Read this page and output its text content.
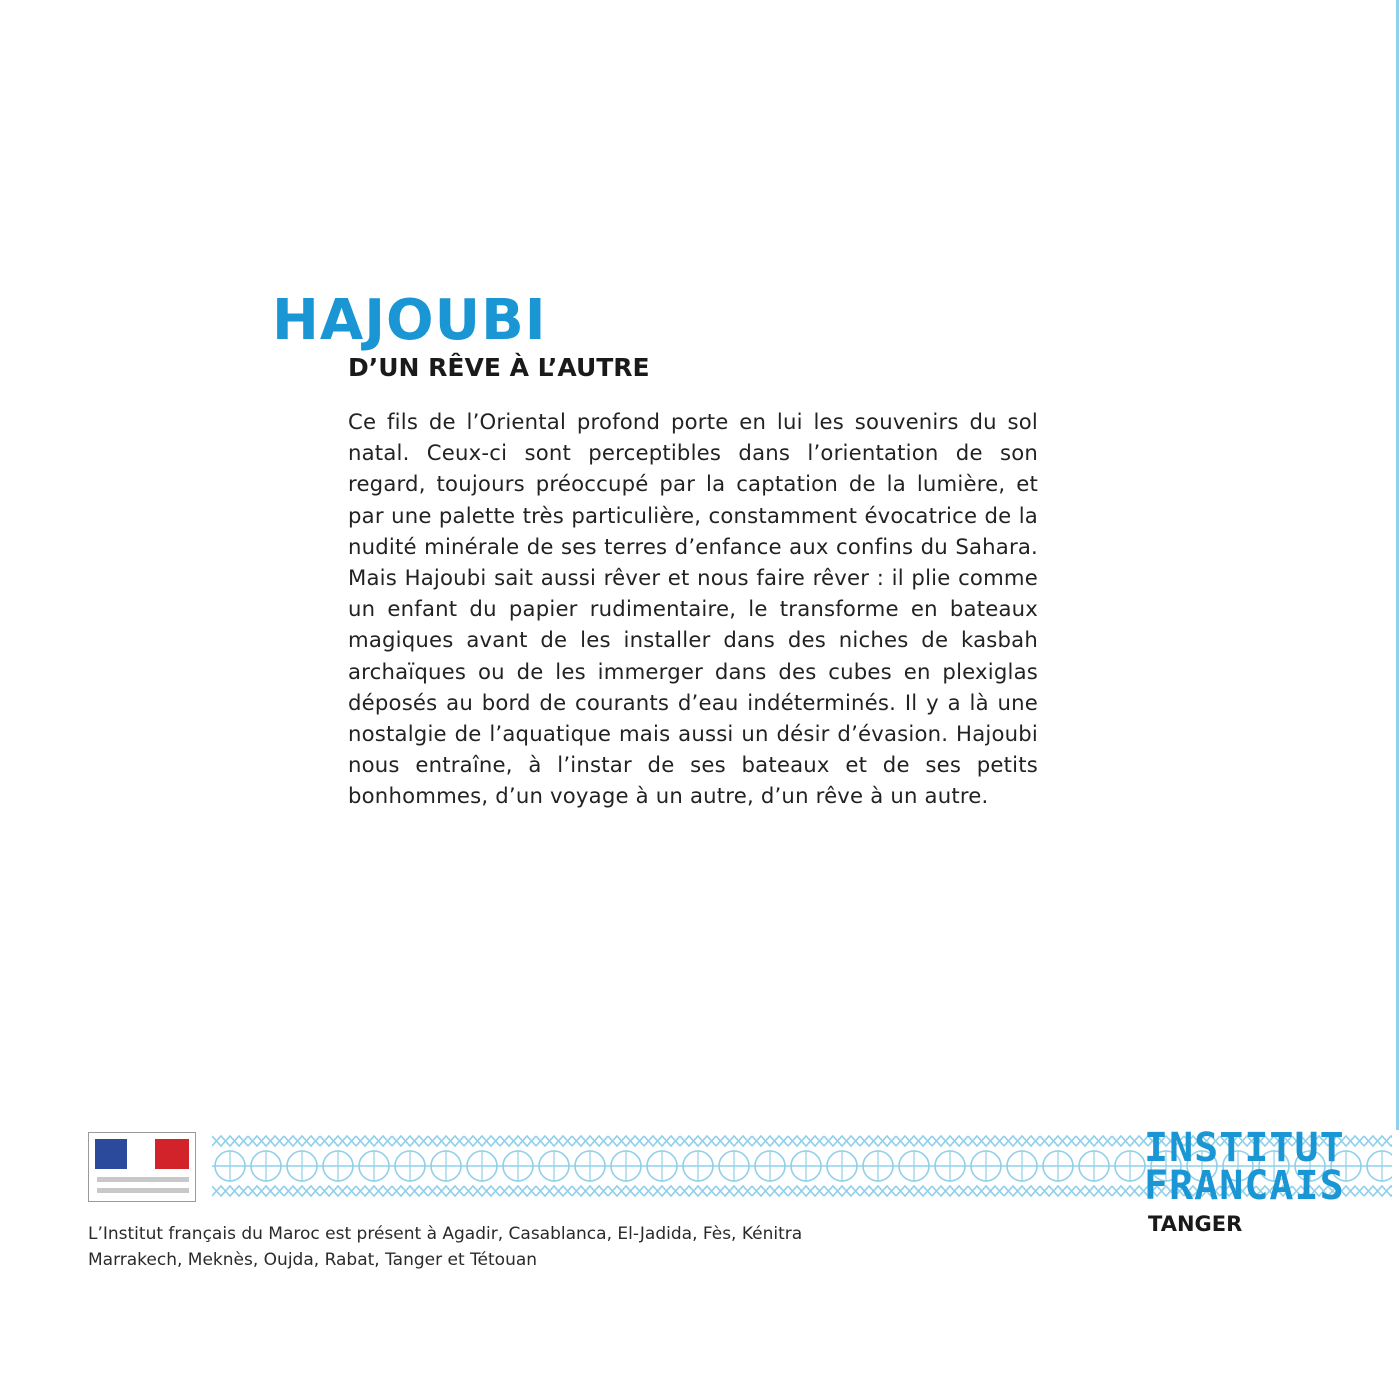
HAJOUBI
D’UN RÊVE À L’AUTRE

Ce fils de l’Oriental profond porte en lui les souvenirs du sol natal. Ceux-ci sont perceptibles dans l’orientation de son regard, toujours préoccupé par la captation de la lumière, et par une palette très particulière, constamment évocatrice de la nudité minérale de ses terres d’enfance aux confins du Sahara. Mais Hajoubi sait aussi rêver et nous faire rêver : il plie comme un enfant du papier rudimentaire, le transforme en bateaux magiques avant de les installer dans des niches de kasbah archaïques ou de les immerger dans des cubes en plexiglas déposés au bord de courants d’eau indéterminés. Il y a là une nostalgie de l’aquatique mais aussi un désir d’évasion. Hajoubi nous entraîne, à l’instar de ses bateaux et de ses petits bonhommes, d’un voyage à un autre, d’un rêve à un autre.

INSTITUT
FRANCAIS
TANGER
L’Institut français du Maroc est présent à Agadir, Casablanca, El-Jadida, Fès, Kénitra
Marrakech, Meknès, Oujda, Rabat, Tanger et Tétouan
